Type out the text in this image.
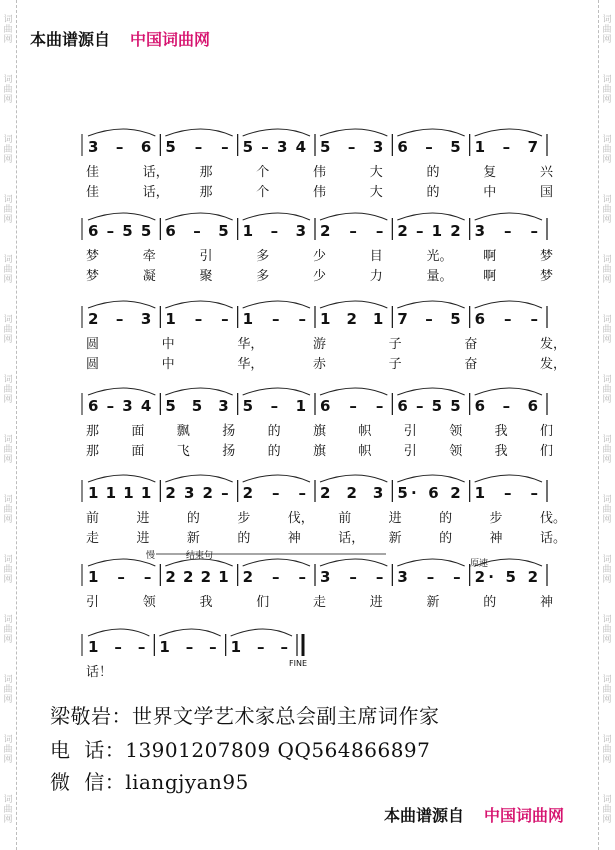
词
曲
网
词
曲
网
词
曲
网
词
曲
网
词
曲
网
词
曲
网
词
曲
网
词
曲
网
词
曲
网
词
曲
网
词
曲
网
词
曲
网
词
曲
网
词
曲
网
词
曲
网
词
曲
网
词
曲
网
词
曲
网
词
曲
网
词
曲
网
词
曲
网
词
曲
网
词
曲
网
词
曲
网
词
曲
网
词
曲
网
词
曲
网
词
曲
网
本曲谱源自 中国词曲网
3 – 6 5 – – 5 – 3 4 5 – 3 6 – 5 1 – 7
佳	话， 那	个	伟	大	的	复	兴
佳	话， 那	个	伟	大	的	中	国
6 – 5 5 6 – 5 1 – 3 2 – – 2 – 1 2 3 – –
梦	牵	引	多	少	目	光。 啊	梦
梦	凝	聚	多	少	力	量。 啊	梦
2 – 3 1 – – 1 – – 1 2 1 7 – 5 6 – –
圆	中	华，	游	子	奋	发，
圆	中	华，	赤	子	奋	发，
6 – 3 4 5 5 3 5 – 1 6 – – 6 – 5 5 6 – 6
那 面 飘 扬 的 旗 帜 引 领 我 们
那 面 飞 扬 的 旗 帜 引 领 我 们
1 1 1 1 2 3 2 – 2 – – 2 2 3 5· 6 2 1 – –
前	进	的	步	伐， 前	进	的	步	伐。
走	进	新	的	神	话， 新	的	神	话。
1 – – 2 2 2 1 2 – – 3 – – 3 – – 2· 5 2
慢	结束句
原速
引	领	我	们	走	进	新	的	神
1 – – 1 – – 1 – –
FINE
话！
梁敬岩：世界文学艺术家总会副主席词作家
电  话：13901207809 QQ564866897
微  信：liangjyan95
本曲谱源自 中国词曲网
